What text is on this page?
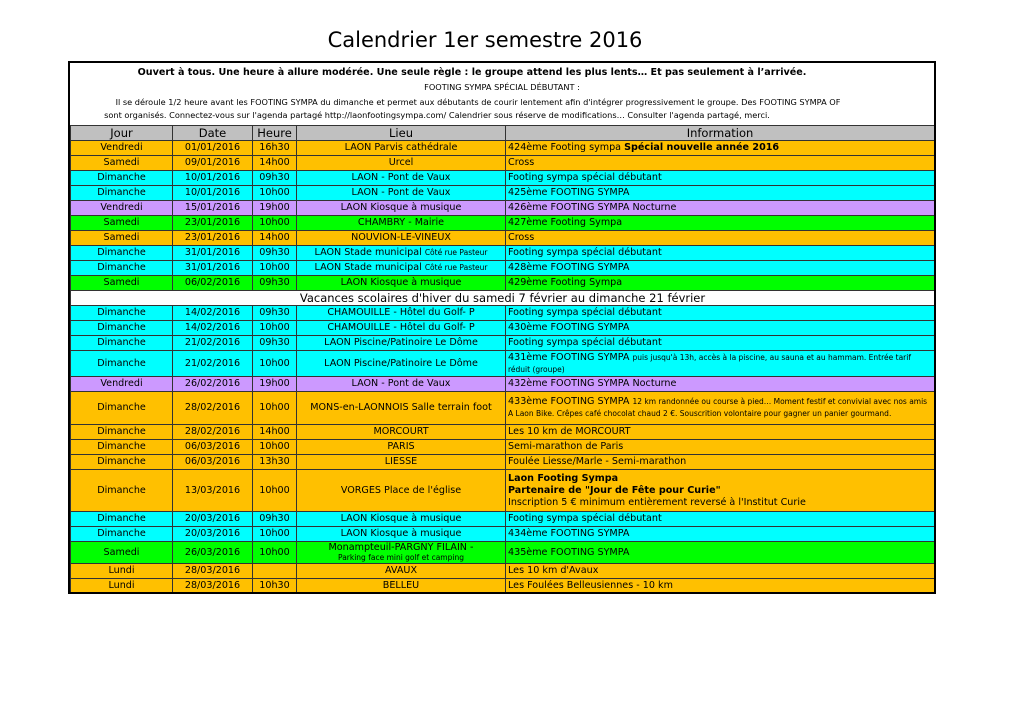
Calendrier 1er semestre 2016
Ouvert à tous. Une heure à allure modérée. Une seule règle : le groupe attend les plus lents… Et pas seulement à l’arrivée.
FOOTING SYMPA SPÉCIAL DÉBUTANT :
Il se déroule 1/2 heure avant les FOOTING SYMPA du dimanche et permet aux débutants de courir lentement afin d'intégrer progressivement le groupe. Des FOOTING SYMPA OF
sont organisés. Connectez-vous sur l'agenda partagé http://laonfootingsympa.com/ Calendrier sous réserve de modifications… Consulter l'agenda partagé, merci.
Jour	Date	Heure	Lieu	Information
Vendredi	01/01/2016	16h30	LAON Parvis cathédrale	424ème Footing sympa Spécial nouvelle année 2016
Samedi	09/01/2016	14h00	Urcel	Cross
Dimanche	10/01/2016	09h30	LAON - Pont de Vaux	Footing sympa spécial débutant
Dimanche	10/01/2016	10h00	LAON - Pont de Vaux	425ème FOOTING SYMPA
Vendredi	15/01/2016	19h00	LAON Kiosque à musique	426ème FOOTING SYMPA Nocturne
Samedi	23/01/2016	10h00	CHAMBRY - Mairie	427ème Footing Sympa
Samedi	23/01/2016	14h00	NOUVION-LE-VINEUX	Cross
Dimanche	31/01/2016	09h30	LAON Stade municipal Côté rue Pasteur	Footing sympa spécial débutant
Dimanche	31/01/2016	10h00	LAON Stade municipal Côté rue Pasteur	428ème FOOTING SYMPA
Samedi	06/02/2016	09h30	LAON Kiosque à musique	429ème Footing Sympa
Vacances scolaires d'hiver du samedi 7 février au dimanche 21 février				
Dimanche	14/02/2016	09h30	CHAMOUILLE - Hôtel du Golf- P	Footing sympa spécial débutant
Dimanche	14/02/2016	10h00	CHAMOUILLE - Hôtel du Golf- P	430ème FOOTING SYMPA
Dimanche	21/02/2016	09h30	LAON Piscine/Patinoire Le Dôme	Footing sympa spécial débutant
Dimanche	21/02/2016	10h00	LAON Piscine/Patinoire Le Dôme	431ème FOOTING SYMPA puis jusqu'à 13h, accès à la piscine, au sauna et au hammam. Entrée tarif réduit (groupe)
Vendredi	26/02/2016	19h00	LAON - Pont de Vaux	432ème FOOTING SYMPA Nocturne
Dimanche	28/02/2016	10h00	MONS-en-LAONNOIS Salle terrain foot	433ème FOOTING SYMPA 12 km randonnée ou course à pied… Moment festif et convivial avec nos amis A Laon Bike. Crêpes café chocolat chaud 2 €. Souscrition volontaire pour gagner un panier gourmand.
Dimanche	28/02/2016	14h00	MORCOURT	Les 10 km de MORCOURT
Dimanche	06/03/2016	10h00	PARIS	Semi-marathon de Paris
Dimanche	06/03/2016	13h30	LIESSE	Foulée Liesse/Marle - Semi-marathon
Dimanche	13/03/2016	10h00	VORGES Place de l'église	Laon Footing Sympa
Partenaire de "Jour de Fête pour Curie"
Inscription 5 € minimum entièrement reversé à l'Institut Curie
Dimanche	20/03/2016	09h30	LAON Kiosque à musique	Footing sympa spécial débutant
Dimanche	20/03/2016	10h00	LAON Kiosque à musique	434ème FOOTING SYMPA
Samedi	26/03/2016	10h00	Monampteuil-PARGNY FILAIN -
Parking face mini golf et camping	435ème FOOTING SYMPA
Lundi	28/03/2016		AVAUX	Les 10 km d'Avaux
Lundi	28/03/2016	10h30	BELLEU	Les Foulées Belleusiennes - 10 km
